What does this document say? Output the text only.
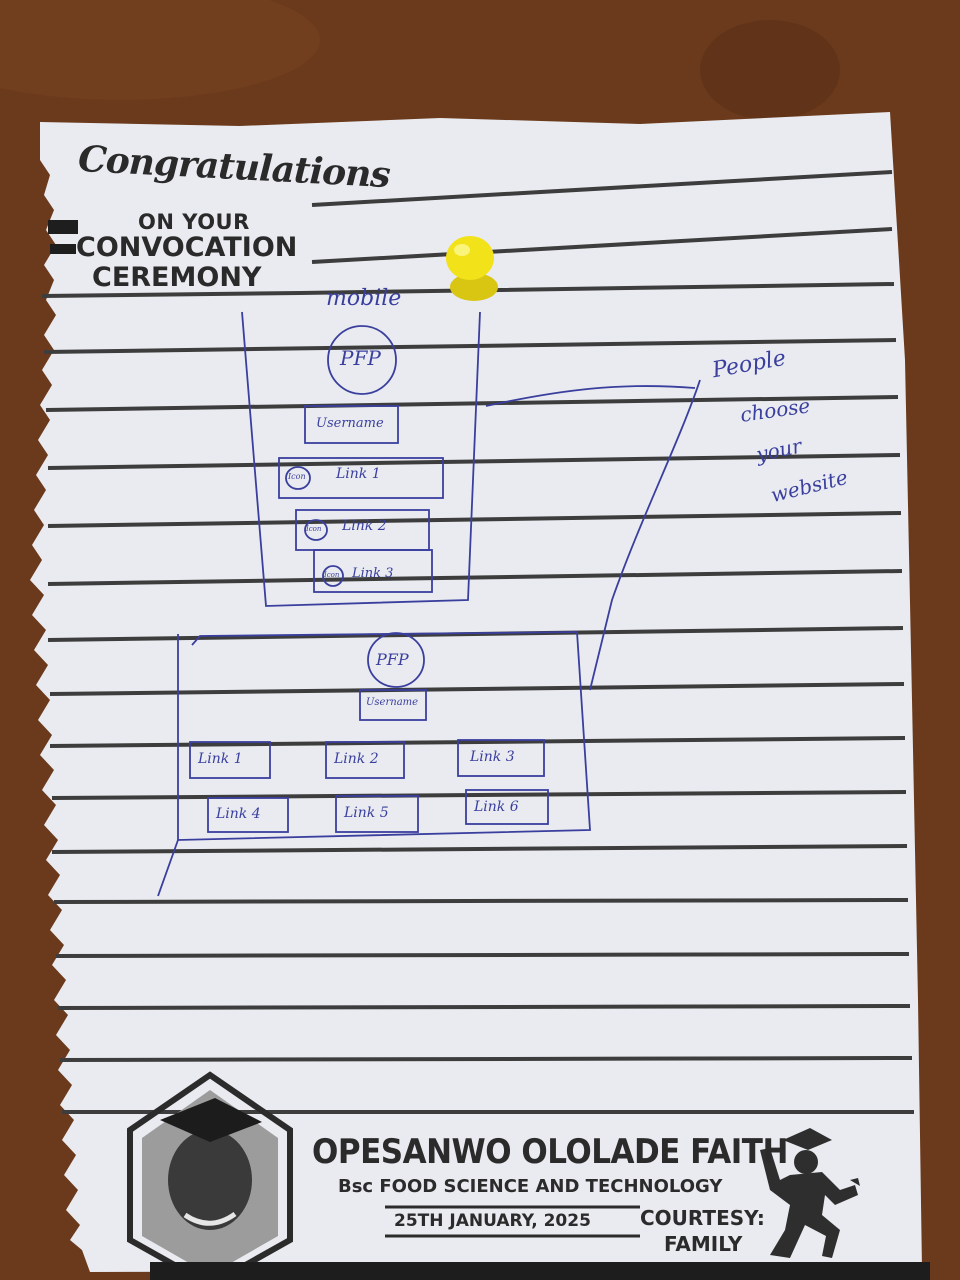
Congratulations
ON YOUR
CONVOCATION
CEREMONY
mobile
PFP
Username
Icon Link 1
Icon Link 2
Icon Link 3
PFP
Username
Link 1	Link 2	Link 3
Link 4	Link 5	Link 6
People
choose
your
website
OPESANWO OLOLADE FAITH
Bsc FOOD SCIENCE AND TECHNOLOGY
25TH JANUARY, 2025 COURTESY:
FAMILY
